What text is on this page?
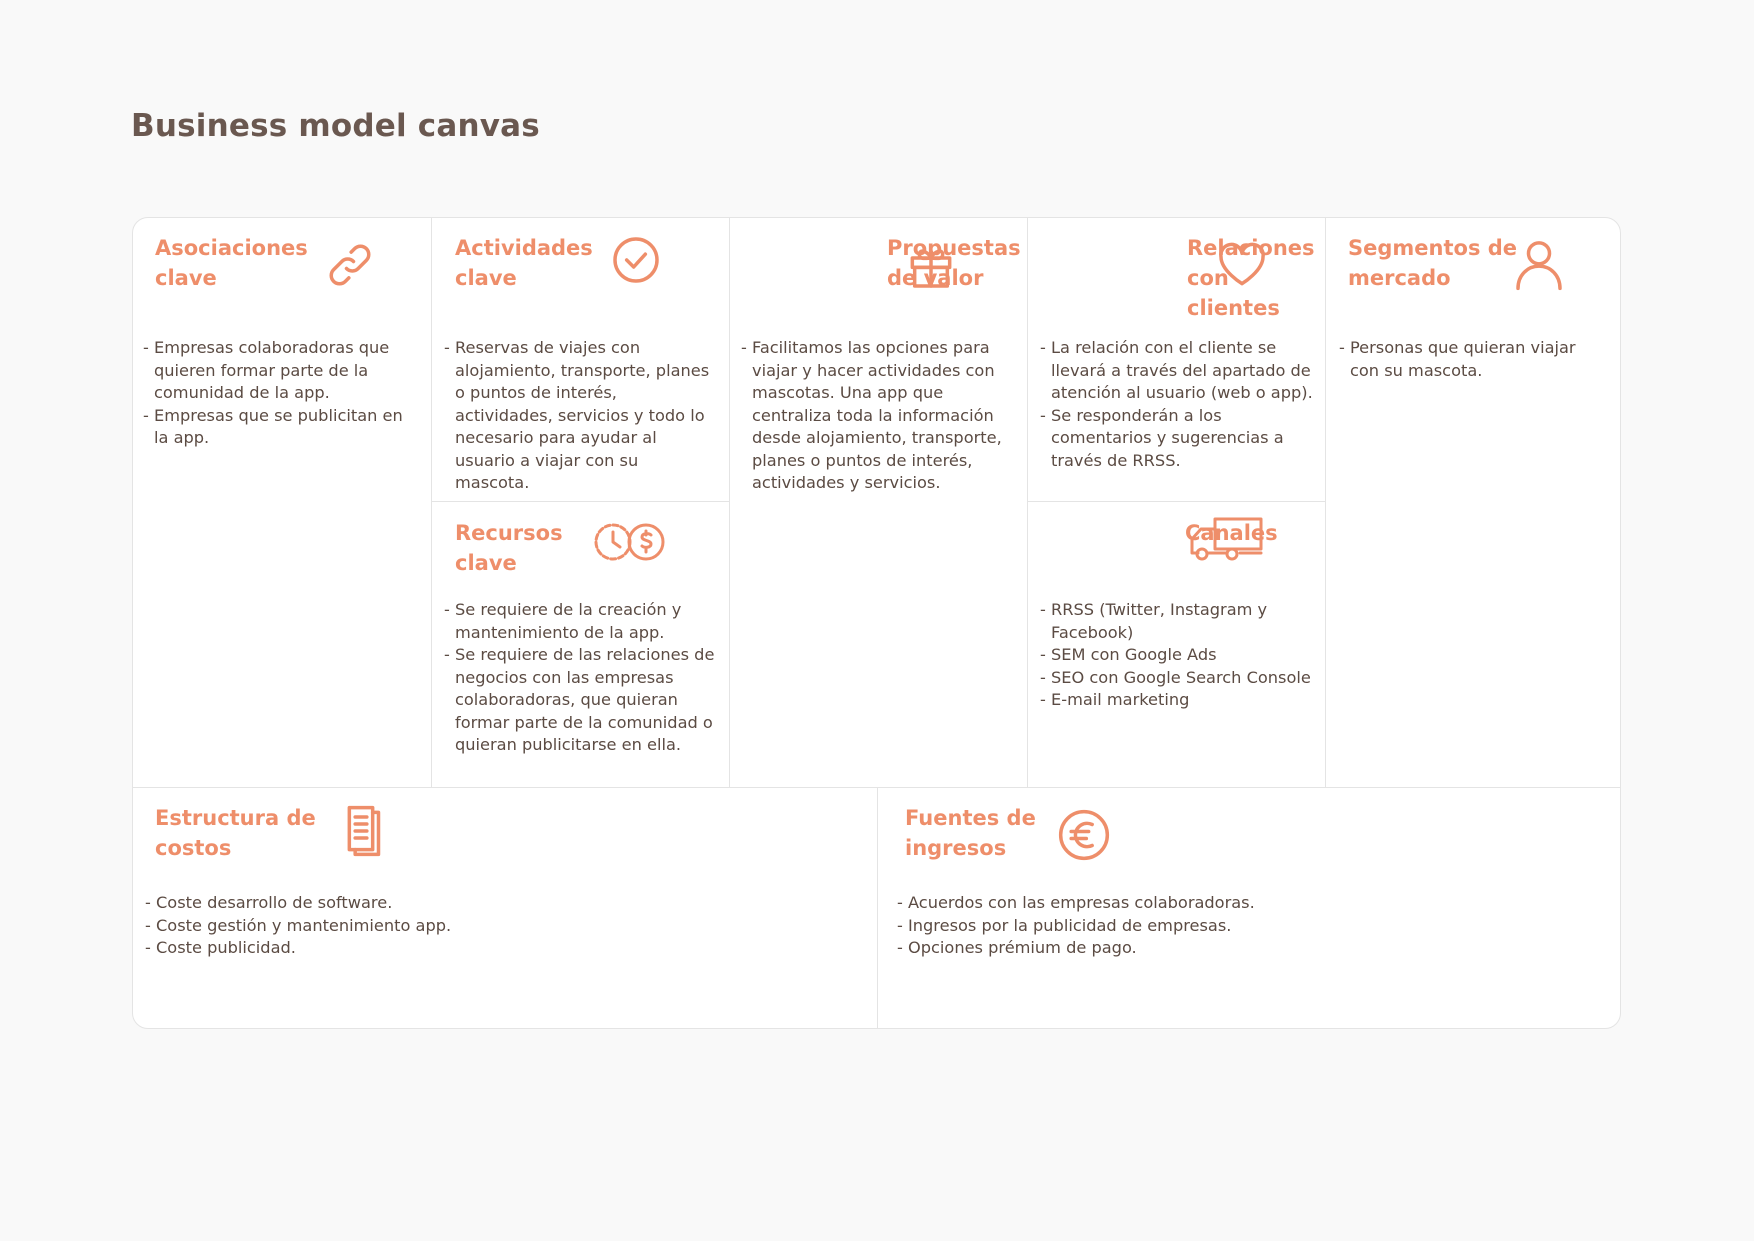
Business model canvas
Asociaciones
clave
- Empresas colaboradoras que quieren formar parte de la comunidad de la app.
- Empresas que se publicitan en la app.
Actividades
clave
- Reservas de viajes con alojamiento, transporte, planes o puntos de interés, actividades, servicios y todo lo necesario para ayudar al usuario a viajar con su mascota.
Recursos
clave
- Se requiere de la creación y mantenimiento de la app.
- Se requiere de las relaciones de negocios con las empresas colaboradoras, que quieran formar parte de la comunidad o quieran publicitarse en ella.
Propuestas
de valor
- Facilitamos las opciones para viajar y hacer actividades con mascotas. Una app que centraliza toda la información desde alojamiento, transporte, planes o puntos de interés, actividades y servicios.
Relaciones
con clientes
- La relación con el cliente se llevará a través del apartado de atención al usuario (web o app).
- Se responderán a los comentarios y sugerencias a través de RRSS.
Canales
- RRSS (Twitter, Instagram y Facebook)
- SEM con Google Ads
- SEO con Google Search Console
- E-mail marketing
Segmentos de
mercado
- Personas que quieran viajar con su mascota.
Estructura de
costos
- Coste desarrollo de software.
- Coste gestión y mantenimiento app.
- Coste publicidad.
Fuentes de
ingresos
- Acuerdos con las empresas colaboradoras.
- Ingresos por la publicidad de empresas.
- Opciones prémium de pago.
